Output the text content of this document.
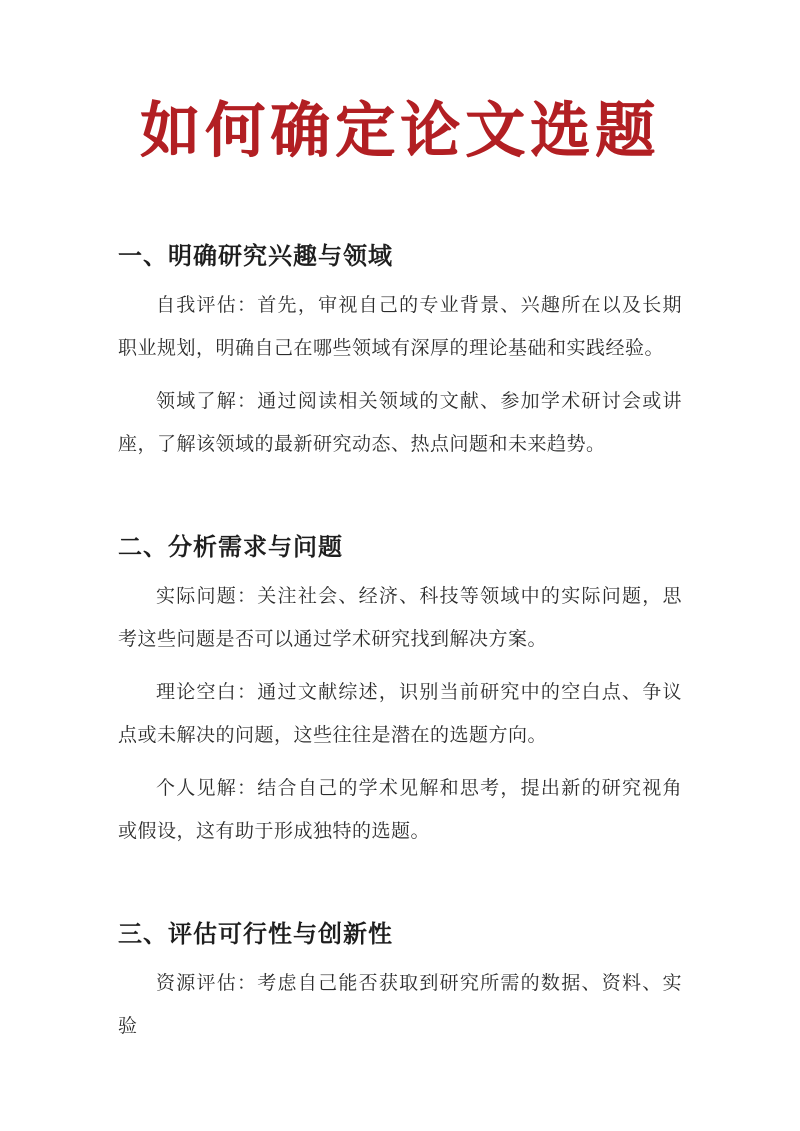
如何确定论文选题
一、明确研究兴趣与领域

自我评估：首先，审视自己的专业背景、兴趣所在以及长期职业规划，明确自己在哪些领域有深厚的理论基础和实践经验。

领域了解：通过阅读相关领域的文献、参加学术研讨会或讲座，了解该领域的最新研究动态、热点问题和未来趋势。

二、分析需求与问题

实际问题：关注社会、经济、科技等领域中的实际问题，思考这些问题是否可以通过学术研究找到解决方案。

理论空白：通过文献综述，识别当前研究中的空白点、争议点或未解决的问题，这些往往是潜在的选题方向。

个人见解：结合自己的学术见解和思考，提出新的研究视角或假设，这有助于形成独特的选题。

三、评估可行性与创新性

资源评估：考虑自己能否获取到研究所需的数据、资料、实验
